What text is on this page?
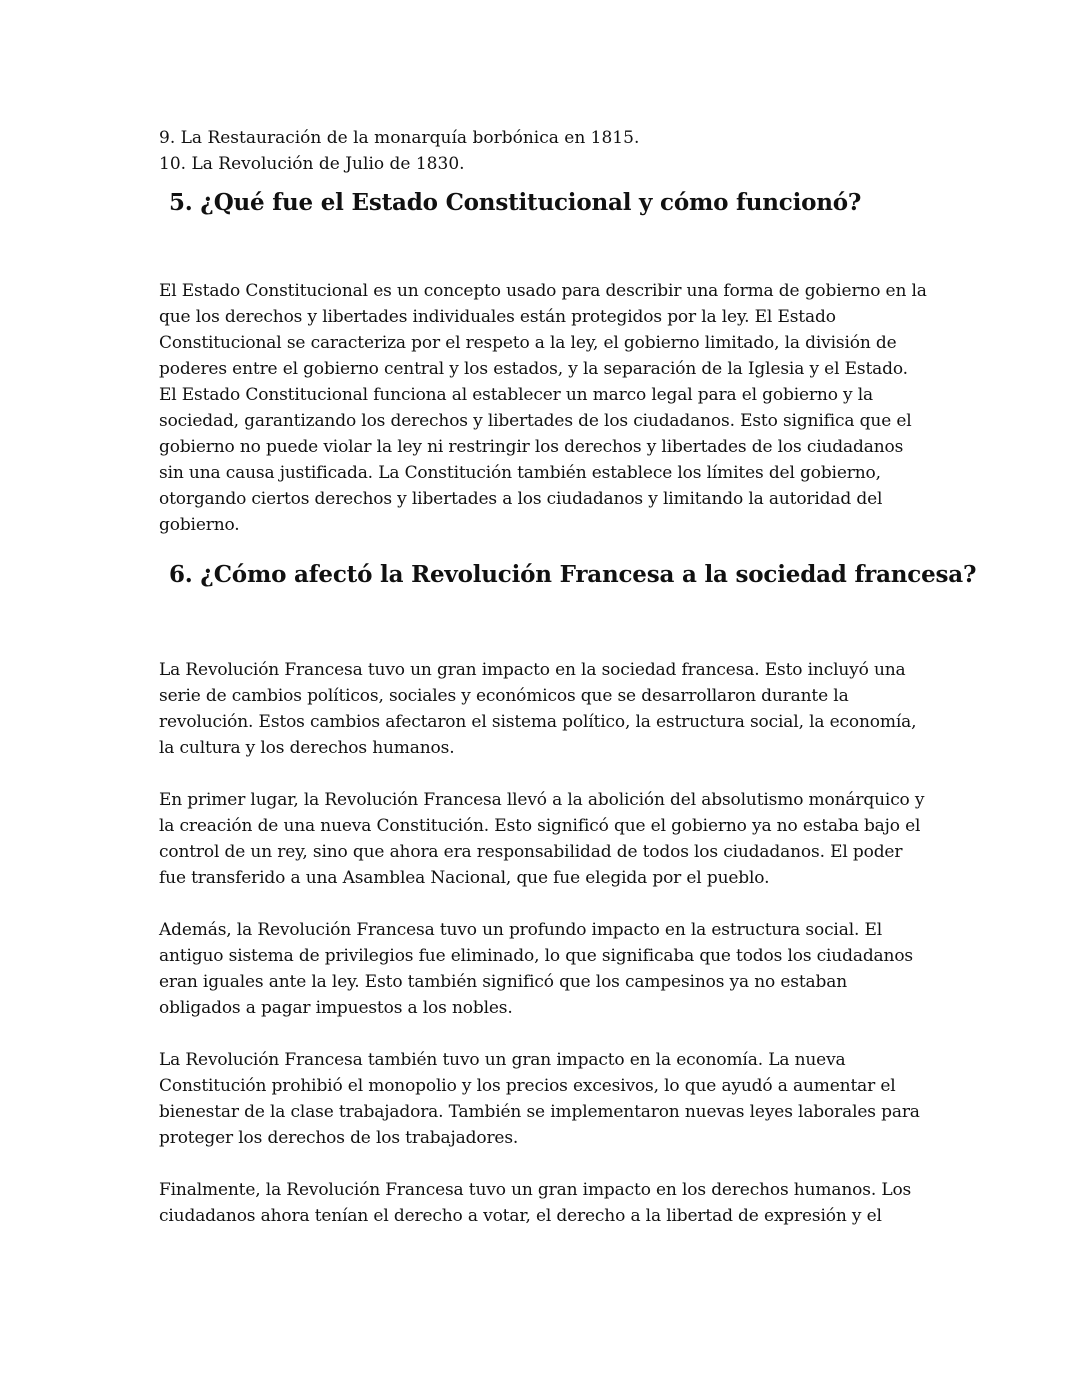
9. La Restauración de la monarquía borbónica en 1815.

10. La Revolución de Julio de 1830.

5. ¿Qué fue el Estado Constitucional y cómo funcionó?

El Estado Constitucional es un concepto usado para describir una forma de gobierno en la que los derechos y libertades individuales están protegidos por la ley. El Estado Constitucional se caracteriza por el respeto a la ley, el gobierno limitado, la división de poderes entre el gobierno central y los estados, y la separación de la Iglesia y el Estado. El Estado Constitucional funciona al establecer un marco legal para el gobierno y la sociedad, garantizando los derechos y libertades de los ciudadanos. Esto significa que el gobierno no puede violar la ley ni restringir los derechos y libertades de los ciudadanos sin una causa justificada. La Constitución también establece los límites del gobierno, otorgando ciertos derechos y libertades a los ciudadanos y limitando la autoridad del gobierno.

6. ¿Cómo afectó la Revolución Francesa a la sociedad francesa?

La Revolución Francesa tuvo un gran impacto en la sociedad francesa. Esto incluyó una serie de cambios políticos, sociales y económicos que se desarrollaron durante la revolución. Estos cambios afectaron el sistema político, la estructura social, la economía, la cultura y los derechos humanos.

En primer lugar, la Revolución Francesa llevó a la abolición del absolutismo monárquico y la creación de una nueva Constitución. Esto significó que el gobierno ya no estaba bajo el control de un rey, sino que ahora era responsabilidad de todos los ciudadanos. El poder fue transferido a una Asamblea Nacional, que fue elegida por el pueblo.

Además, la Revolución Francesa tuvo un profundo impacto en la estructura social. El antiguo sistema de privilegios fue eliminado, lo que significaba que todos los ciudadanos eran iguales ante la ley. Esto también significó que los campesinos ya no estaban obligados a pagar impuestos a los nobles.

La Revolución Francesa también tuvo un gran impacto en la economía. La nueva Constitución prohibió el monopolio y los precios excesivos, lo que ayudó a aumentar el bienestar de la clase trabajadora. También se implementaron nuevas leyes laborales para proteger los derechos de los trabajadores.

Finalmente, la Revolución Francesa tuvo un gran impacto en los derechos humanos. Los ciudadanos ahora tenían el derecho a votar, el derecho a la libertad de expresión y el
